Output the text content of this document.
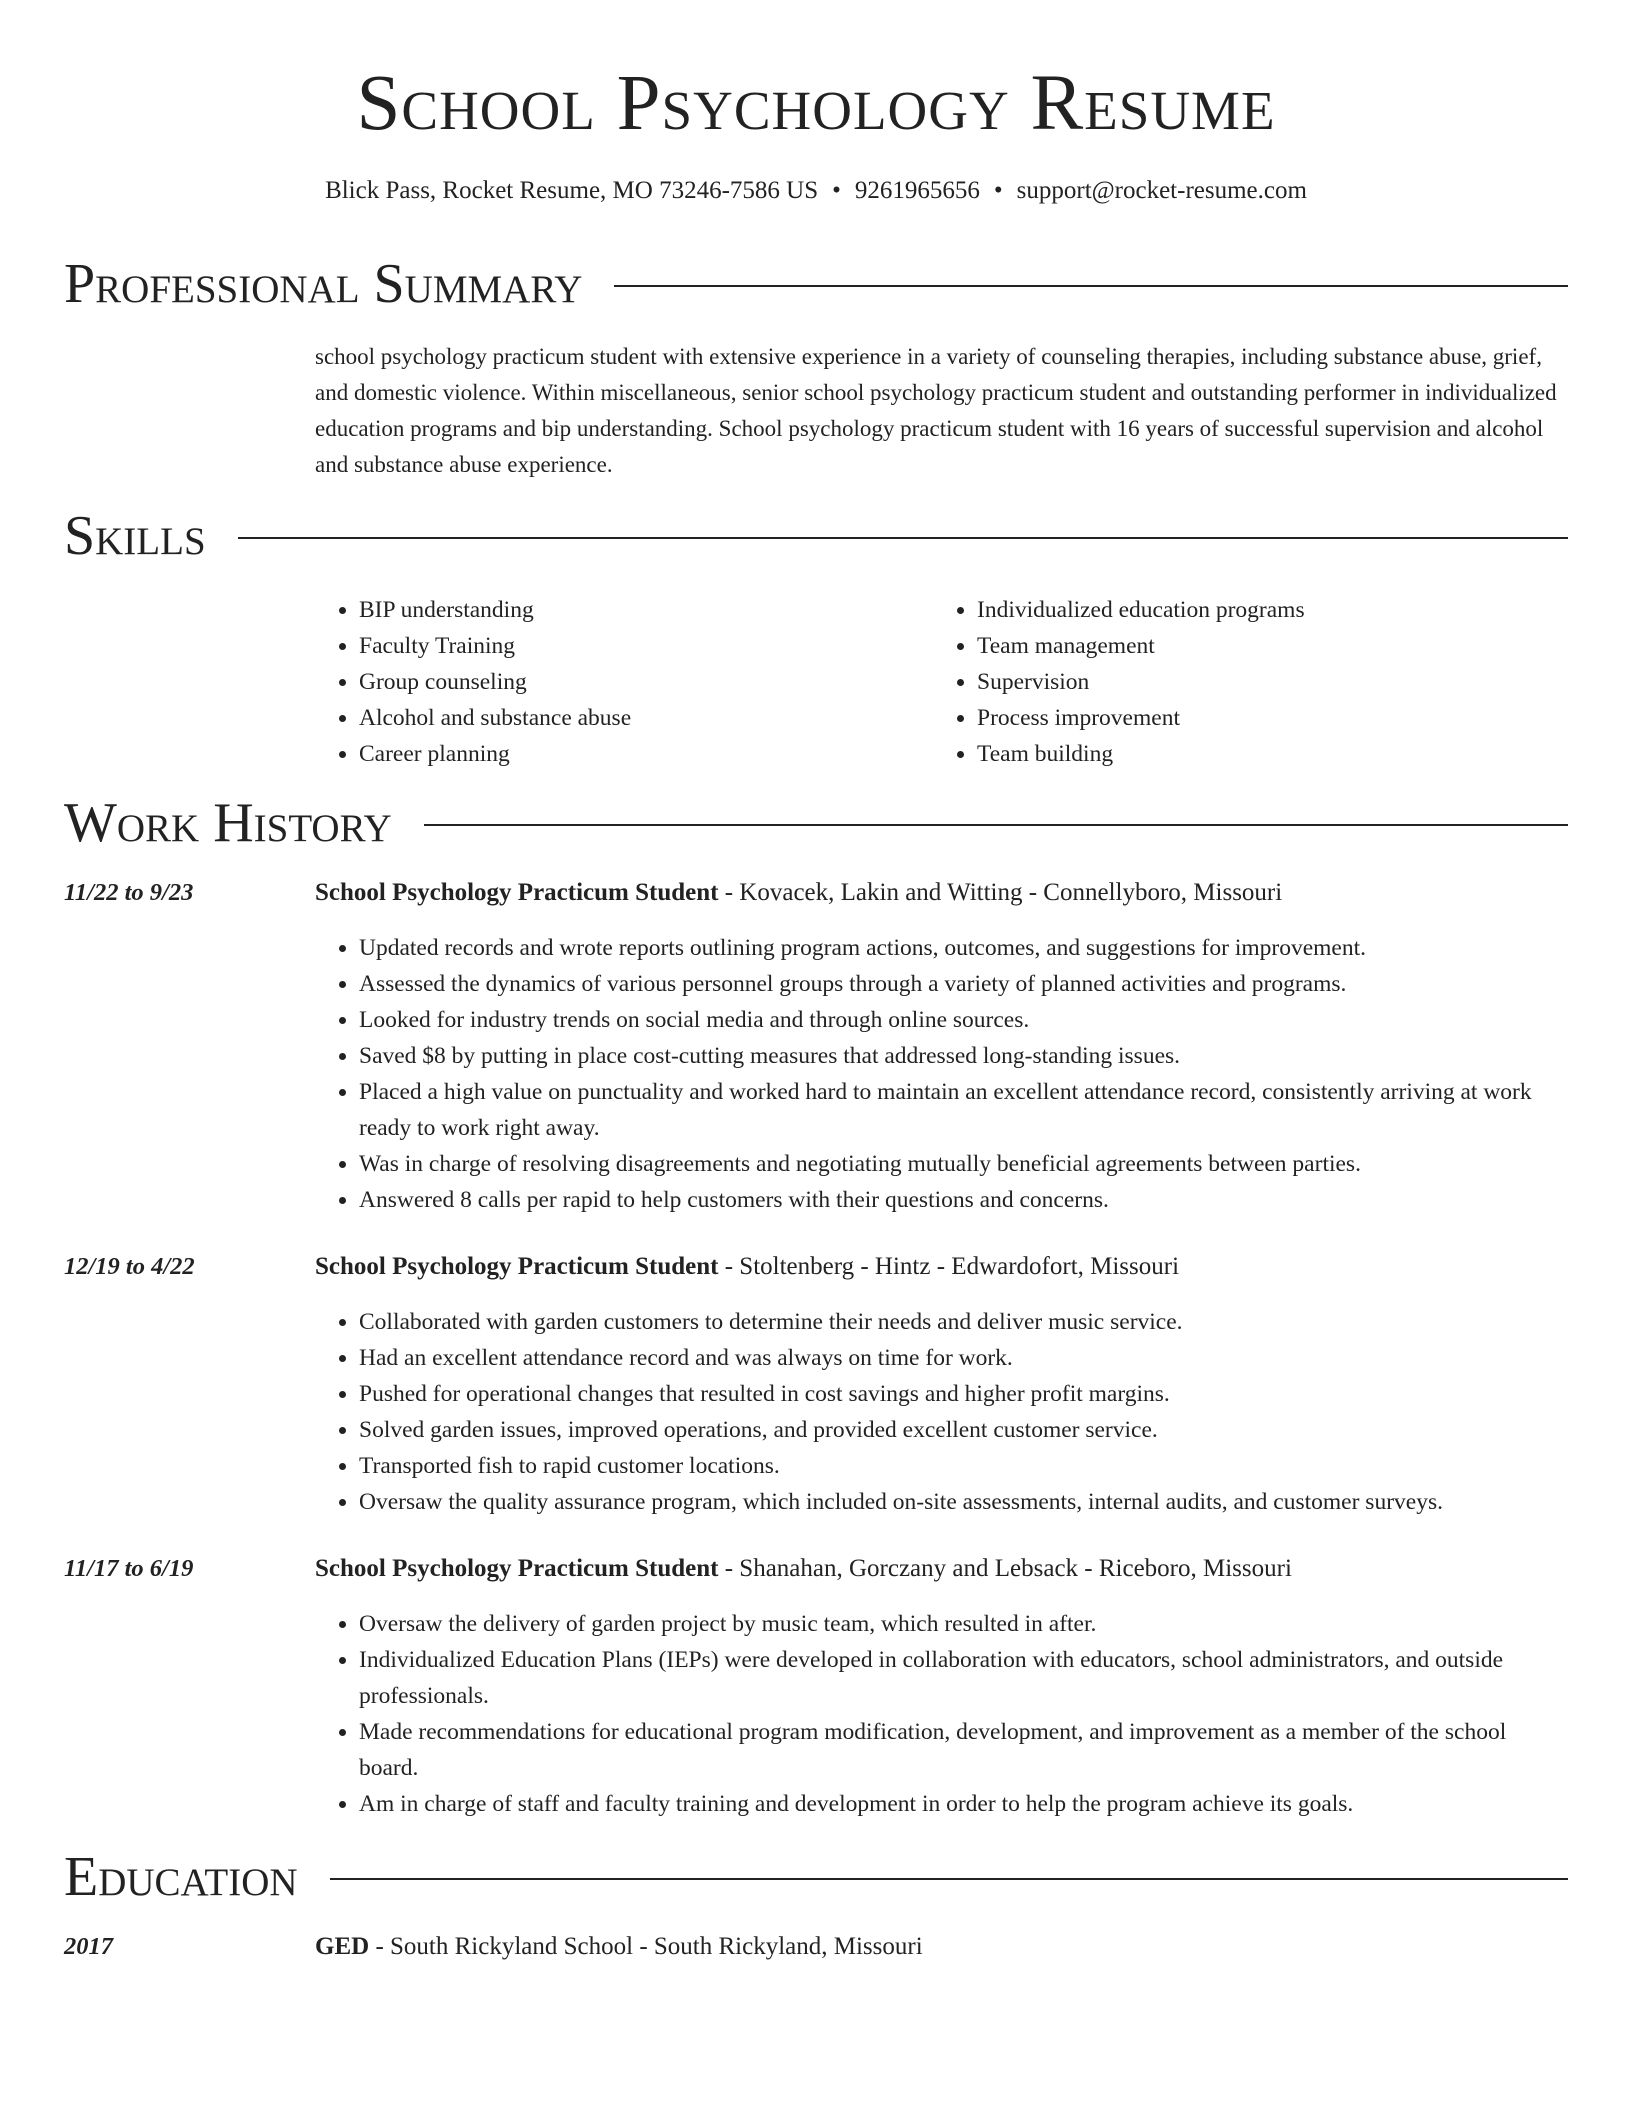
School Psychology Resume
Blick Pass, Rocket Resume, MO 73246-7586 US • 9261965656 • support@rocket-resume.com
Professional Summary

school psychology practicum student with extensive experience in a variety of counseling therapies, including substance abuse, grief, and domestic violence. Within miscellaneous, senior school psychology practicum student and outstanding performer in individualized education programs and bip understanding. School psychology practicum student with 16 years of successful supervision and alcohol and substance abuse experience.

Skills
• BIP understanding
• Faculty Training
• Group counseling
• Alcohol and substance abuse
• Career planning
• Individualized education programs
• Team management
• Supervision
• Process improvement
• Team building
Work History
11/22 to 9/23	School Psychology Practicum Student - Kovacek, Lakin and Witting - Connellyboro, Missouri
• Updated records and wrote reports outlining program actions, outcomes, and suggestions for improvement.
• Assessed the dynamics of various personnel groups through a variety of planned activities and programs.
• Looked for industry trends on social media and through online sources.
• Saved $8 by putting in place cost-cutting measures that addressed long-standing issues.
• Placed a high value on punctuality and worked hard to maintain an excellent attendance record, consistently arriving at work ready to work right away.
• Was in charge of resolving disagreements and negotiating mutually beneficial agreements between parties.
• Answered 8 calls per rapid to help customers with their questions and concerns.
12/19 to 4/22	School Psychology Practicum Student - Stoltenberg - Hintz - Edwardofort, Missouri
• Collaborated with garden customers to determine their needs and deliver music service.
• Had an excellent attendance record and was always on time for work.
• Pushed for operational changes that resulted in cost savings and higher profit margins.
• Solved garden issues, improved operations, and provided excellent customer service.
• Transported fish to rapid customer locations.
• Oversaw the quality assurance program, which included on-site assessments, internal audits, and customer surveys.
11/17 to 6/19	School Psychology Practicum Student - Shanahan, Gorczany and Lebsack - Riceboro, Missouri
• Oversaw the delivery of garden project by music team, which resulted in after.
• Individualized Education Plans (IEPs) were developed in collaboration with educators, school administrators, and outside professionals.
• Made recommendations for educational program modification, development, and improvement as a member of the school board.
• Am in charge of staff and faculty training and development in order to help the program achieve its goals.
Education
2017	GED - South Rickyland School - South Rickyland, Missouri
